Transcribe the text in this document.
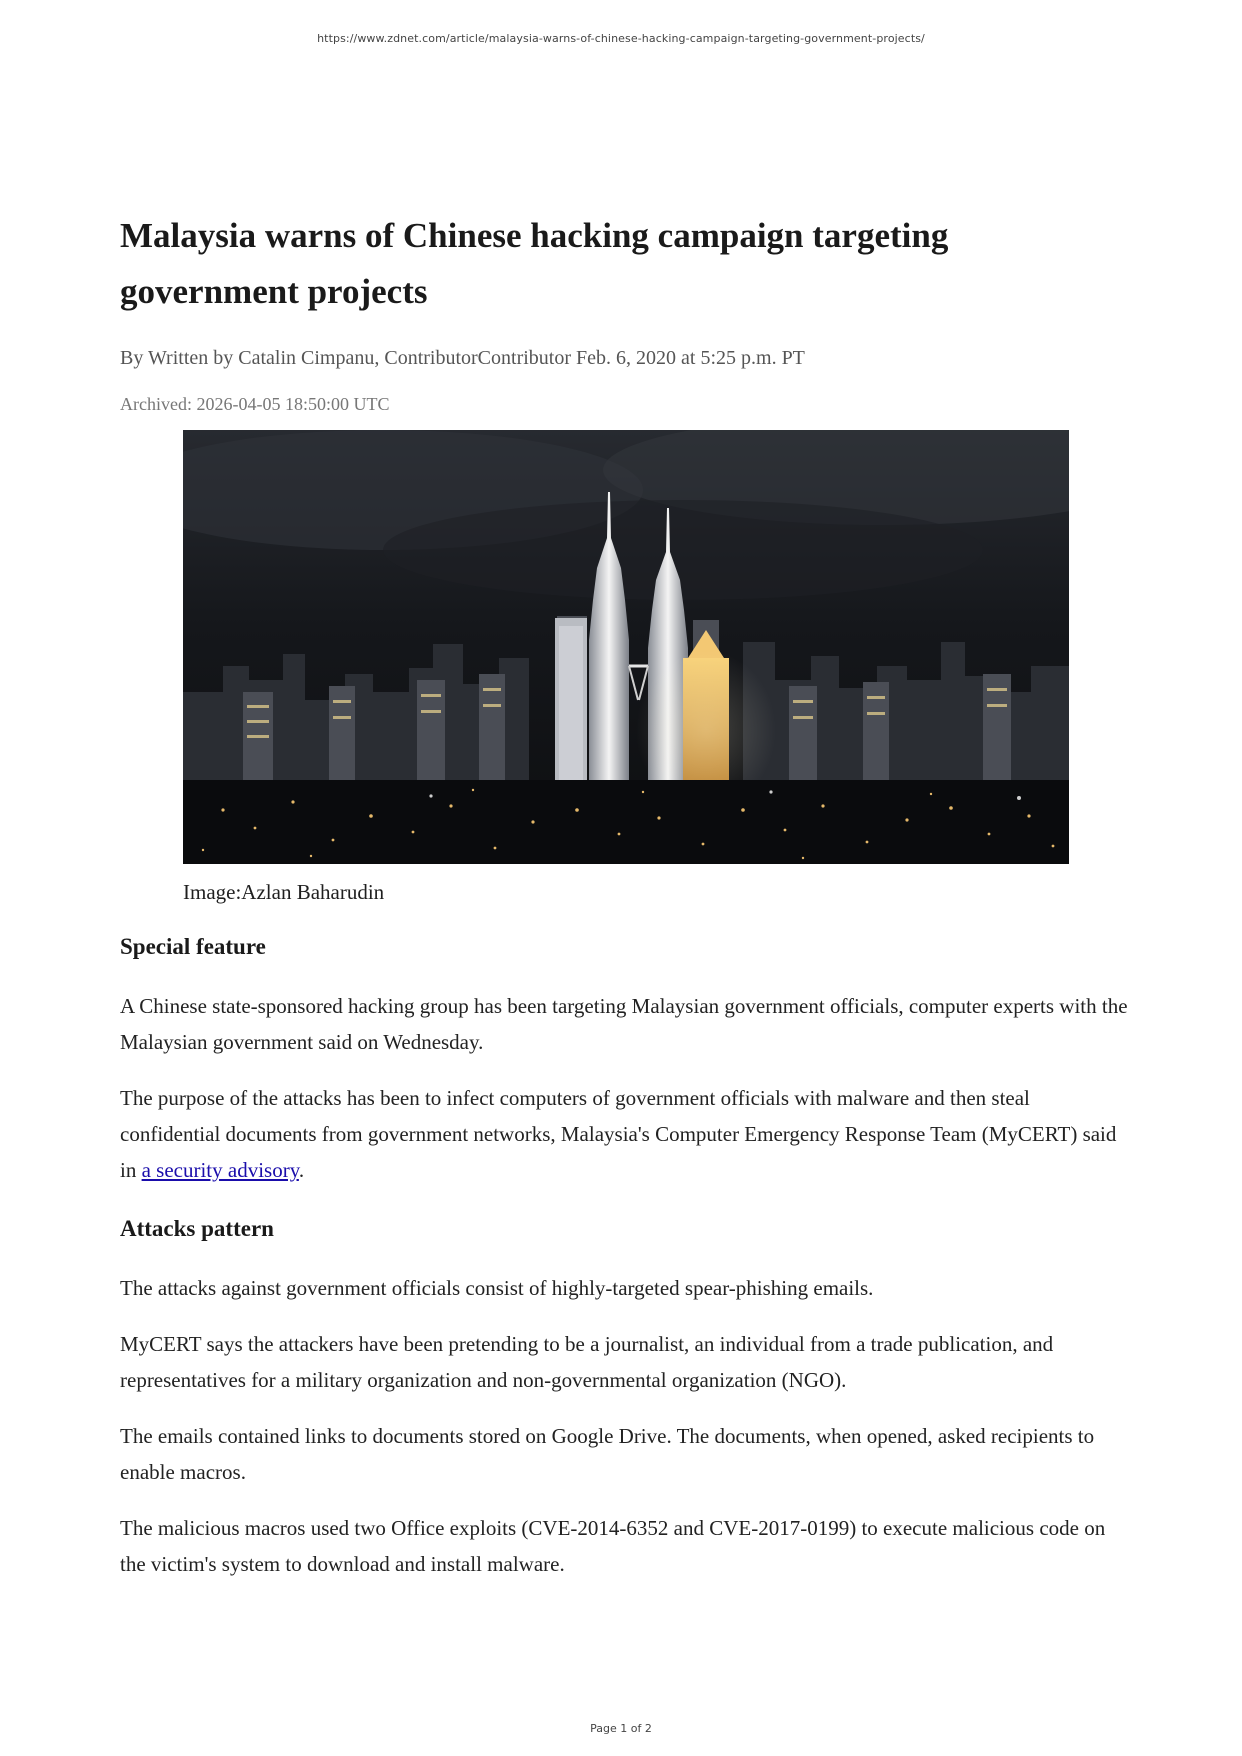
https://www.zdnet.com/article/malaysia-warns-of-chinese-hacking-campaign-targeting-government-projects/
Malaysia warns of Chinese hacking campaign targeting government projects
By Written by Catalin Cimpanu, ContributorContributor Feb. 6, 2020 at 5:25 p.m. PT
Archived: 2026-04-05 18:50:00 UTC
Image:Azlan Baharudin
Special feature

A Chinese state-sponsored hacking group has been targeting Malaysian government officials, computer experts with the Malaysian government said on Wednesday.

The purpose of the attacks has been to infect computers of government officials with malware and then steal confidential documents from government networks, Malaysia's Computer Emergency Response Team (MyCERT) said in a security advisory.

Attacks pattern

The attacks against government officials consist of highly-targeted spear-phishing emails.

MyCERT says the attackers have been pretending to be a journalist, an individual from a trade publication, and representatives for a military organization and non-governmental organization (NGO).

The emails contained links to documents stored on Google Drive. The documents, when opened, asked recipients to enable macros.

The malicious macros used two Office exploits (CVE-2014-6352 and CVE-2017-0199) to execute malicious code on the victim's system to download and install malware.

Page 1 of 2
